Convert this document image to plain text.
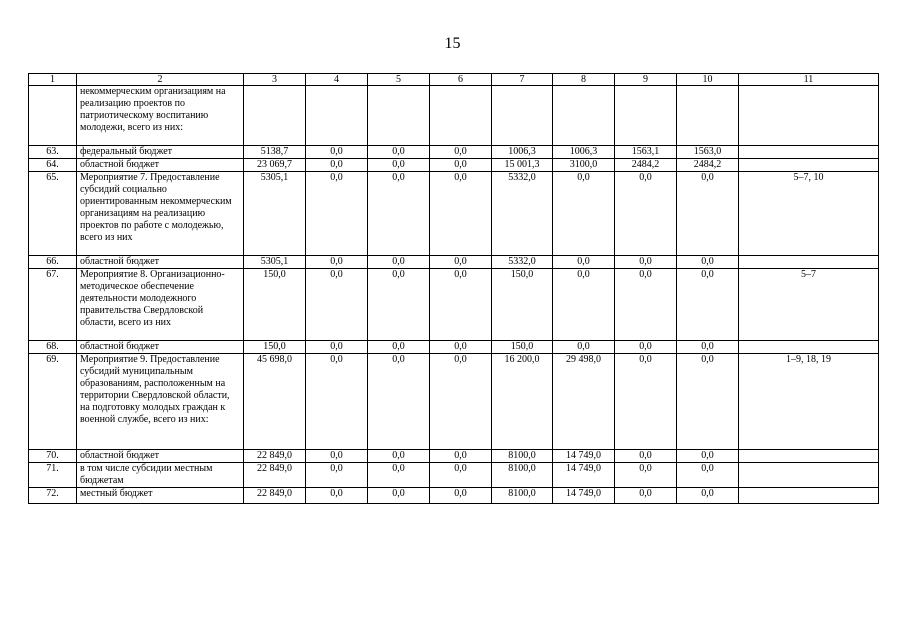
15
1	2	3	4	5	6	7	8	9	10	11
	некоммерческим организациям на реализацию проектов по патриотическому воспитанию молодежи, всего из них:									
63.	федеральный бюджет	5138,7	0,0	0,0	0,0	1006,3	1006,3	1563,1	1563,0	
64.	областной бюджет	23 069,7	0,0	0,0	0,0	15 001,3	3100,0	2484,2	2484,2	
65.	Мероприятие 7. Предоставление субсидий социально ориентированным некоммерческим организациям на реализацию проектов по работе с молодежью, всего из них	5305,1	0,0	0,0	0,0	5332,0	0,0	0,0	0,0	5–7, 10
66.	областной бюджет	5305,1	0,0	0,0	0,0	5332,0	0,0	0,0	0,0	
67.	Мероприятие 8. Организационно-методическое обеспечение деятельности молодежного правительства Свердловской области, всего из них	150,0	0,0	0,0	0,0	150,0	0,0	0,0	0,0	5–7
68.	областной бюджет	150,0	0,0	0,0	0,0	150,0	0,0	0,0	0,0	
69.	Мероприятие 9. Предоставление субсидий муниципальным образованиям, расположенным на территории Свердловской области, на подготовку молодых граждан к военной службе, всего из них:	45 698,0	0,0	0,0	0,0	16 200,0	29 498,0	0,0	0,0	1–9, 18, 19
70.	областной бюджет	22 849,0	0,0	0,0	0,0	8100,0	14 749,0	0,0	0,0	
71.	в том числе субсидии местным бюджетам	22 849,0	0,0	0,0	0,0	8100,0	14 749,0	0,0	0,0	
72.	местный бюджет	22 849,0	0,0	0,0	0,0	8100,0	14 749,0	0,0	0,0	
